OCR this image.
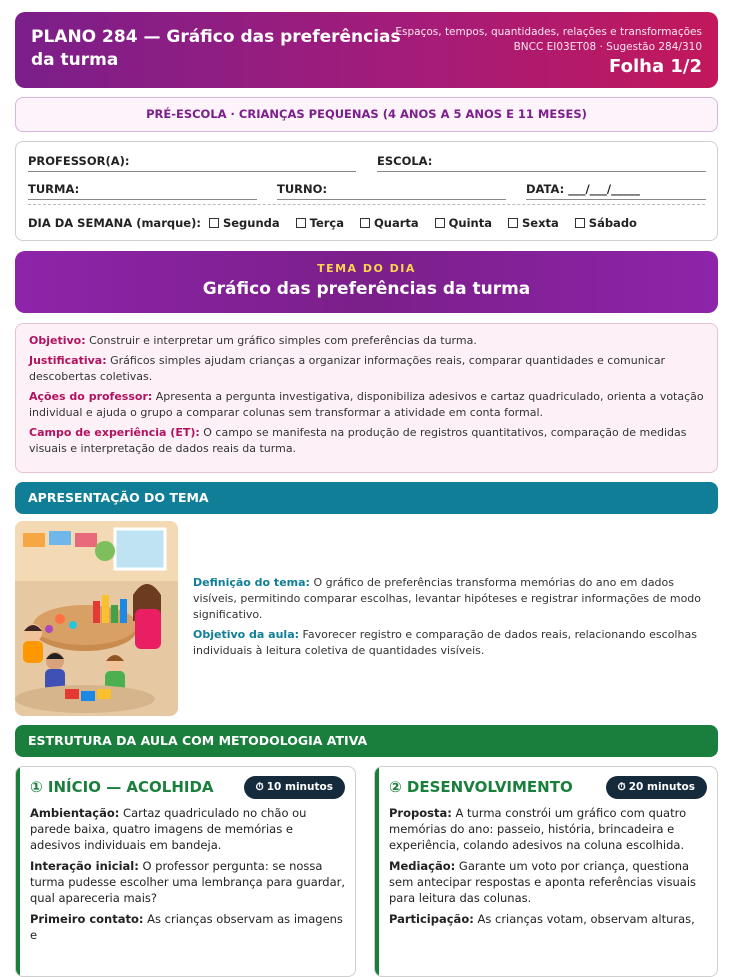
PLANO 284 — Gráfico das preferências da turma
Espaços, tempos, quantidades, relações e transformações
BNCC EI03ET08 · Sugestão 284/310
Folha 1/2
PRÉ-ESCOLA · CRIANÇAS PEQUENAS (4 ANOS A 5 ANOS E 11 MESES)
PROFESSOR(A):	ESCOLA:
TURMA:	TURNO:	DATA: ___/___/_____
DIA DA SEMANA (marque): Segunda	Terça	Quarta	Quinta	Sexta	Sábado
TEMA DO DIA
Gráfico das preferências da turma

Objetivo: Construir e interpretar um gráfico simples com preferências da turma.

Justificativa: Gráficos simples ajudam crianças a organizar informações reais, comparar quantidades e comunicar descobertas coletivas.

Ações do professor: Apresenta a pergunta investigativa, disponibiliza adesivos e cartaz quadriculado, orienta a votação individual e ajuda o grupo a comparar colunas sem transformar a atividade em conta formal.

Campo de experiência (ET): O campo se manifesta na produção de registros quantitativos, comparação de medidas visuais e interpretação de dados reais da turma.

APRESENTAÇÃO DO TEMA

Definição do tema: O gráfico de preferências transforma memórias do ano em dados visíveis, permitindo comparar escolhas, levantar hipóteses e registrar informações de modo significativo.

Objetivo da aula: Favorecer registro e comparação de dados reais, relacionando escolhas individuais à leitura coletiva de quantidades visíveis.

ESTRUTURA DA AULA COM METODOLOGIA ATIVA
① INÍCIO — ACOLHIDA	⏱ 10 minutos

Ambientação: Cartaz quadriculado no chão ou parede baixa, quatro imagens de memórias e adesivos individuais em bandeja.

Interação inicial: O professor pergunta: se nossa turma pudesse escolher uma lembrança para guardar, qual apareceria mais?

Primeiro contato: As crianças observam as imagens e

② DESENVOLVIMENTO	⏱ 20 minutos

Proposta: A turma constrói um gráfico com quatro memórias do ano: passeio, história, brincadeira e experiência, colando adesivos na coluna escolhida.

Mediação: Garante um voto por criança, questiona sem antecipar respostas e aponta referências visuais para leitura das colunas.

Participação: As crianças votam, observam alturas,
